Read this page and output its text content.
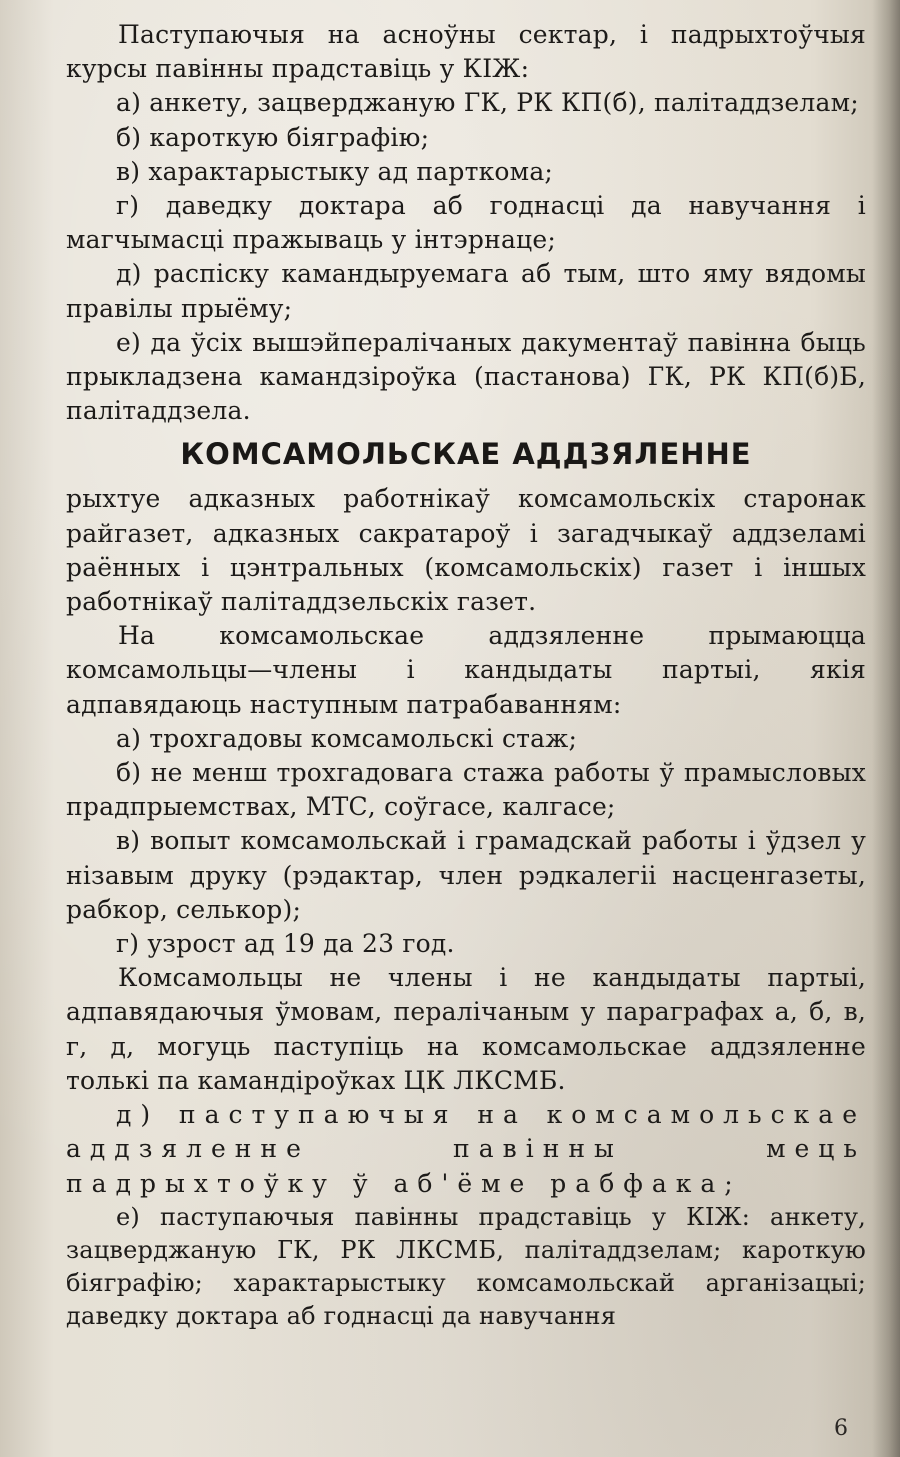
Паступаючыя на асноўны сектар, і падрыхтоўчыя курсы павінны прадставіць у КІЖ:

а) анкету, зацверджаную ГК, РК КП(б), палітаддзелам;

б) кароткую біяграфію;

в) характарыстыку ад парткома;

г) даведку доктара аб годнасці да навучання і магчымасці пражываць у інтэрнаце;

д) распіску камандыруемага аб тым, што яму вядомы правілы прыёму;

е) да ўсіх вышэйпералічаных дакументаў павінна быць прыкладзена камандзіроўка (пастанова) ГК, РК КП(б)Б, палітаддзела.

КОМСАМОЛЬСКАЕ АДДЗЯЛЕННЕ

рыхтуе адказных работнікаў комсамольскіх старонак райгазет, адказных сакратароў і загадчыкаў аддзеламі раённых і цэнтральных (комсамольскіх) газет і іншых работнікаў палітаддзельскіх газет.

На комсамольскае аддзяленне прымаюцца комсамольцы—члены і кандыдаты партыі, якія адпавядаюць наступным патрабаванням:

а) трохгадовы комсамольскі стаж;

б) не менш трохгадовага стажа работы ў прамысловых прадпрыемствах, МТС, соўгасе, калгасе;

в) вопыт комсамольскай і грамадскай работы і ўдзел у нізавым друку (рэдактар, член рэдкалегіі насценгазеты, рабкор, селькор);

г) узрост ад 19 да 23 год.

Комсамольцы не члены і не кандыдаты партыі, адпавядаючыя ўмовам, пералічаным у параграфах а, б, в, г, д, могуць паступіць на комсамольскае аддзяленне толькі па камандіроўках ЦК ЛКСМБ.

д) паступаючыя на комсамольскае аддзяленне павінны мець падрыхтоўку ў аб'ёме рабфака;

е) паступаючыя павінны прадставіць у КІЖ: анкету, зацверджаную ГК, РК ЛКСМБ, палітаддзелам; кароткую біяграфію; характарыстыку комсамольскай арганізацыі; даведку доктара аб годнасці да навучання

6
